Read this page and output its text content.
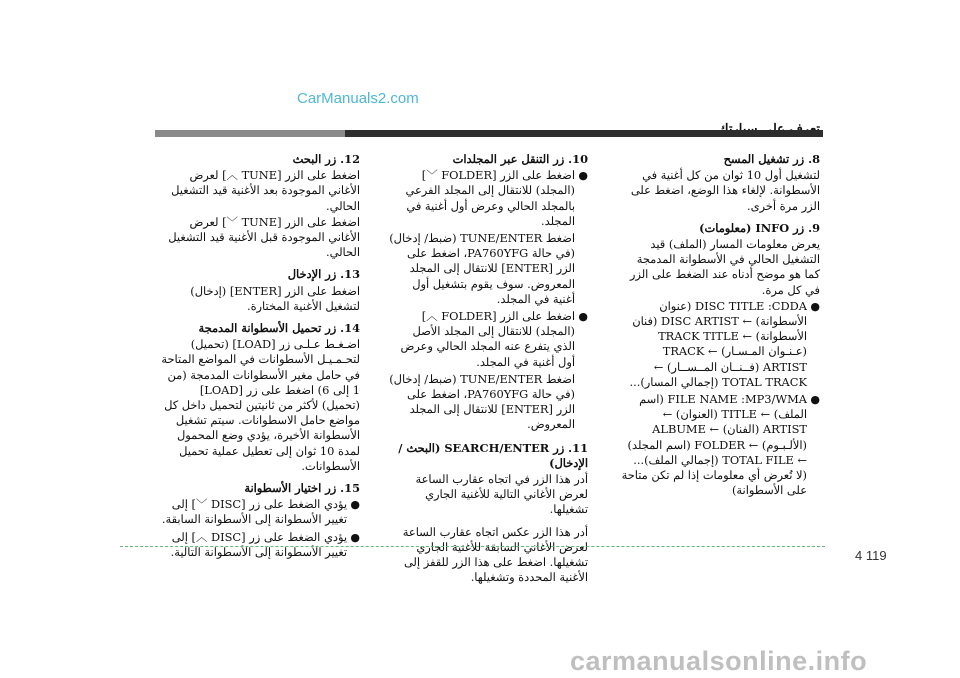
CarManuals2.com

8. زر تشغيل المسح

لتشغيل أول 10 ثوان من كل أغنية في الأسطوانة. لإلغاء هذا الوضع، اضغط على الزر مرة أخرى.

9. زر INFO (معلومات)

يعرض معلومات المسار (الملف) قيد التشغيل الحالي في الأسطوانة المدمجة كما هو موضح أدناه عند الضغط على الزر في كل مرة.

●
DISC TITLE :CDDA (عنوان الأسطوانة) ← DISC ARTIST (فنان الأسطوانة) ← TRACK TITLE (عـنـوان المـسـار) ← TRACK ARTIST (فــنــان المــســار) ← TOTAL TRACK (إجمالي المسار)...
●
FILE NAME :MP3/WMA (اسم الملف) ← TITLE (العنوان) ← ARTIST (الفنان) ← ALBUME (الألـبـوم) ← FOLDER (اسم المجلد) ← TOTAL FILE (إجمالي الملف)... (لا تُعرض أي معلومات إذا لم تكن متاحة على الأسطوانة)

10. زر التنقل عبر المجلدات

●
اضغط على الزر [FOLDER ﹀] (المجلد) للانتقال إلى المجلد الفرعي بالمجلد الحالي وعرض أول أغنية في المجلد.
اضغط TUNE/ENTER (ضبط/ إدخال) (في حالة PA760YFG، اضغط على الزر [ENTER] للانتقال إلى المجلد المعروض. سوف يقوم بتشغيل أول أغنية في المجلد.
●
اضغط على الزر [FOLDER ︿] (المجلد) للانتقال إلى المجلد الأصل الذي يتفرع عنه المجلد الحالي وعرض أول أغنية في المجلد.
اضغط TUNE/ENTER (ضبط/ إدخال) (في حالة PA760YFG، اضغط على الزر [ENTER] للانتقال إلى المجلد المعروض.

11. زر SEARCH/ENTER (البحث /الإدخال)

أدر هذا الزر في اتجاه عقارب الساعة لعرض الأغاني التالية للأغنية الجاري تشغيلها.

أدر هذا الزر عكس اتجاه عقارب الساعة لعرض الأغاني السابقة للأغنية الجاري تشغيلها. اضغط على هذا الزر للقفز إلى الأغنية المحددة وتشغيلها.

12. زر البحث

اضغط على الزر [TUNE ︿] لعرض الأغاني الموجودة بعد الأغنية قيد التشغيل الحالي.

اضغط على الزر [TUNE ﹀] لعرض الأغاني الموجودة قبل الأغنية قيد التشغيل الحالي.

13. زر الإدخال

اضغط على الزر [ENTER] (إدخال) لتشغيل الأغنية المختارة.

14. زر تحميل الأسطوانة المدمجة

اضـغـط عـلـى زر [LOAD] (تحميل) لتحـمـيـل الأسطوانات في المواضع المتاحة في حامل مغير الأسطوانات المدمجة (من 1 إلى 6) اضغط على زر [LOAD] (تحميل) لأكثر من ثانيتين لتحميل داخل كل مواضع حامل الاسطوانات. سيتم تشغيل الأسطوانة الأخيرة، يؤدي وضع المحمول لمدة 10 ثوان إلى تعطيل عملية تحميل الأسطوانات.

15. زر اختيار الأسطوانة

●
يؤدي الضغط على زر [DISC ﹀] إلى تغيير الأسطوانة إلى الأسطوانة السابقة.
●
يؤدي الضغط على زر [DISC ︿] إلى تغيير الأسطوانة إلى الأسطوانة التالية.	4 119
carmanualsonline.info
